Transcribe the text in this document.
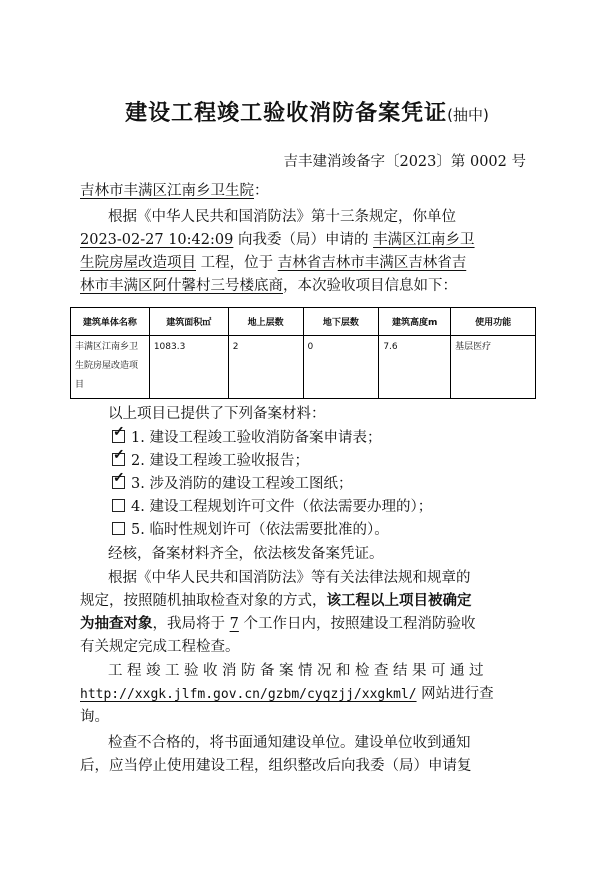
建设工程竣工验收消防备案凭证(抽中)
吉丰建消竣备字〔2023〕第 0002 号
吉林市丰满区江南乡卫生院：
根据《中华人民共和国消防法》第十三条规定，你单位
2023-02-27 10:42:09 向我委（局）申请的 丰满区江南乡卫
生院房屋改造项目 工程，位于 吉林省吉林市丰满区吉林省吉
林市丰满区阿什馨村三号楼底商，本次验收项目信息如下：
建筑单体名称	建筑面积㎡	地上层数	地下层数	建筑高度m	使用功能
丰满区江南乡卫生院房屋改造项目	1083.3	2	0	7.6	基层医疗
以上项目已提供了下列备案材料：
✓ 1. 建设工程竣工验收消防备案申请表；
✓ 2. 建设工程竣工验收报告；
✓ 3. 涉及消防的建设工程竣工图纸；
4. 建设工程规划许可文件（依法需要办理的）；
5. 临时性规划许可（依法需要批准的）。
经核，备案材料齐全，依法核发备案凭证。
根据《中华人民共和国消防法》等有关法律法规和规章的
规定，按照随机抽取检查对象的方式，该工程以上项目被确定
为抽查对象，我局将于 7 个工作日内，按照建设工程消防验收
有关规定完成工程检查。
工程竣工验收消防备案情况和检查结果可通过
http://xxgk.jlfm.gov.cn/gzbm/cyqzjj/xxgkml/ 网站进行查
询。
检查不合格的，将书面通知建设单位。建设单位收到通知
后，应当停止使用建设工程，组织整改后向我委（局）申请复
